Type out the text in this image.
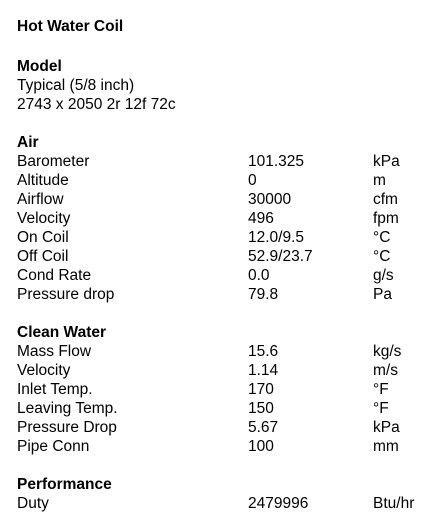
Hot Water Coil
Model
Typical (5/8 inch)
2743 x 2050 2r 12f 72c
Air
Barometer	101.325	kPa
Altitude	0	m
Airflow	30000	cfm
Velocity	496	fpm
On Coil	12.0/9.5	°C
Off Coil	52.9/23.7	°C
Cond Rate	0.0	g/s
Pressure drop	79.8	Pa
Clean Water
Mass Flow	15.6	kg/s
Velocity	1.14	m/s
Inlet Temp.	170	°F
Leaving Temp.	150	°F
Pressure Drop	5.67	kPa
Pipe Conn	100	mm
Performance
Duty	2479996	Btu/hr
